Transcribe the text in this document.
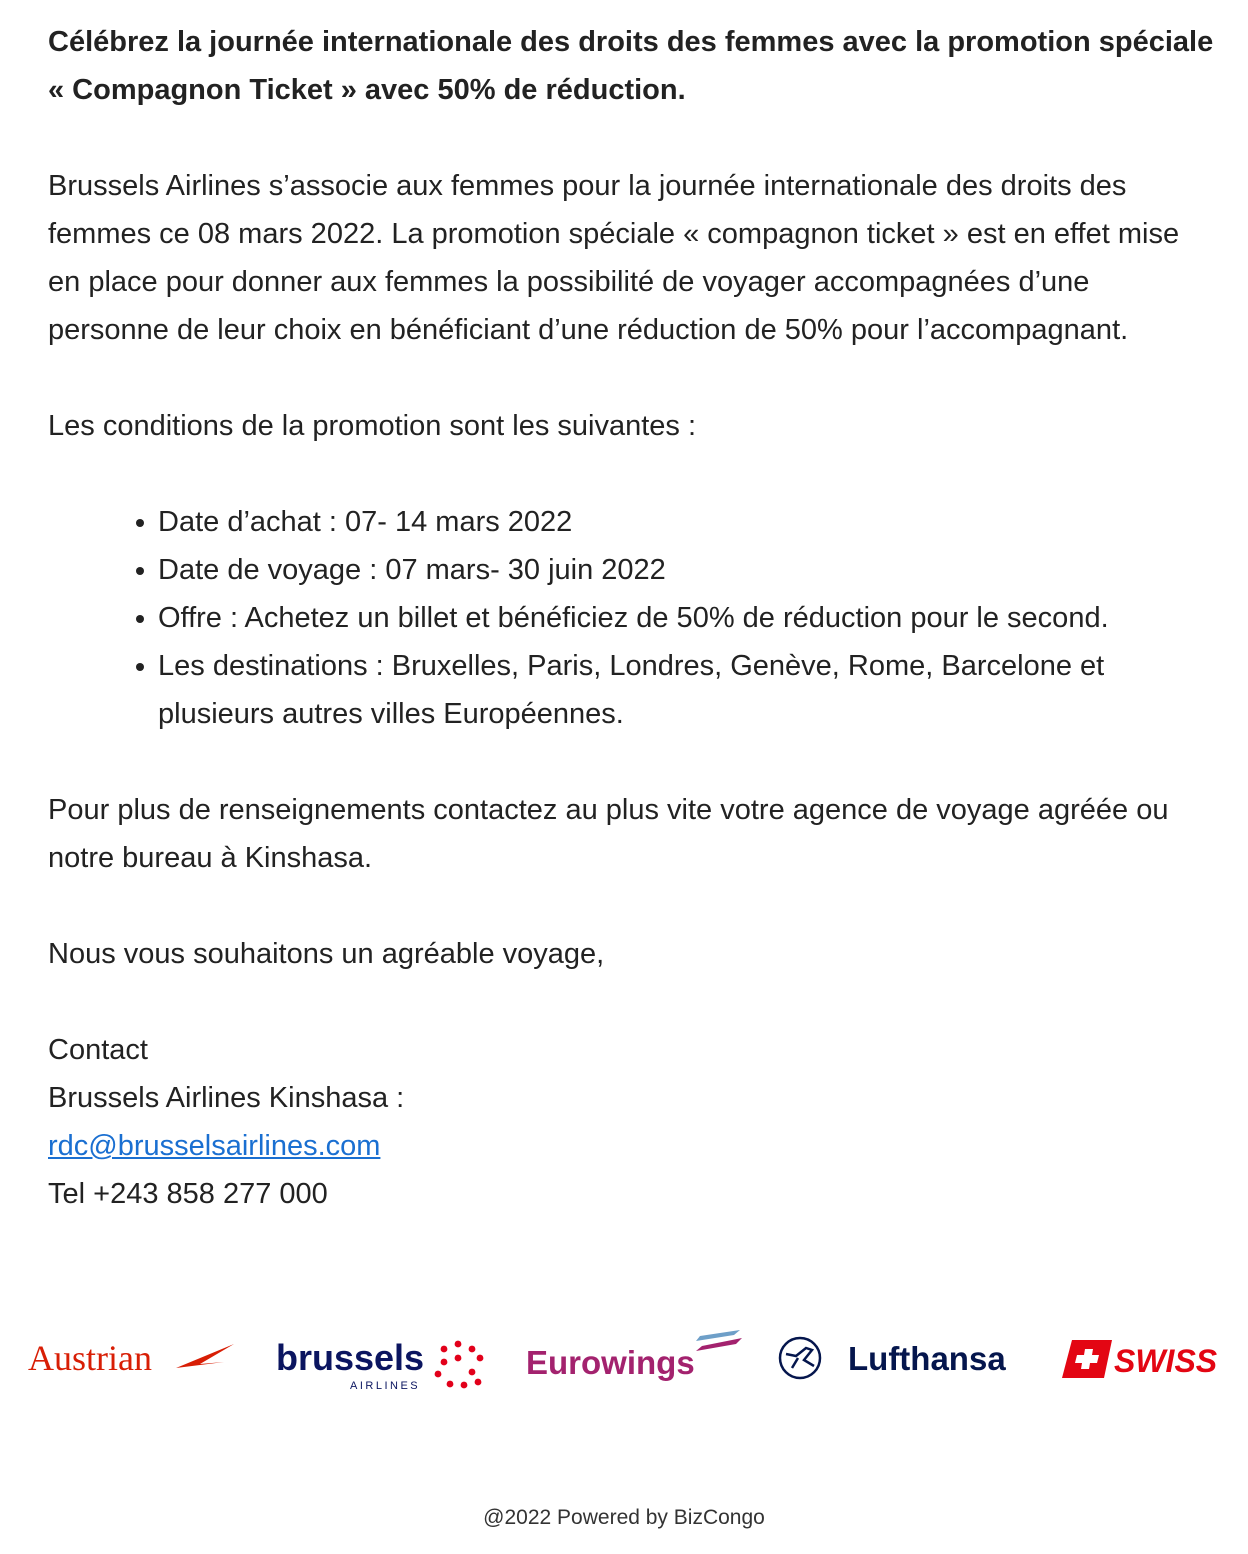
Célébrez la journée internationale des droits des femmes avec la promotion spéciale « Compagnon Ticket » avec 50% de réduction.

Brussels Airlines s’associe aux femmes pour la journée internationale des droits des femmes ce 08 mars 2022. La promotion spéciale « compagnon ticket » est en effet mise en place pour donner aux femmes la possibilité de voyager accompagnées d’une personne de leur choix en bénéficiant d’une réduction de 50% pour l’accompagnant.

Les conditions de la promotion sont les suivantes :

Date d’achat : 07- 14 mars 2022
Date de voyage : 07 mars- 30 juin 2022
Offre : Achetez un billet et bénéficiez de 50% de réduction pour le second.
Les destinations : Bruxelles, Paris, Londres, Genève, Rome, Barcelone et plusieurs autres villes Européennes.

Pour plus de renseignements contactez au plus vite votre agence de voyage agréée ou notre bureau à Kinshasa.

Nous vous souhaitons un agréable voyage,

Contact

Brussels Airlines Kinshasa :

rdc@brusselsairlines.com

Tel +243 858 277 000

Austrian	brussels
AIRLINES
Eurowings	Lufthansa	SWISS
@2022 Powered by BizCongo
